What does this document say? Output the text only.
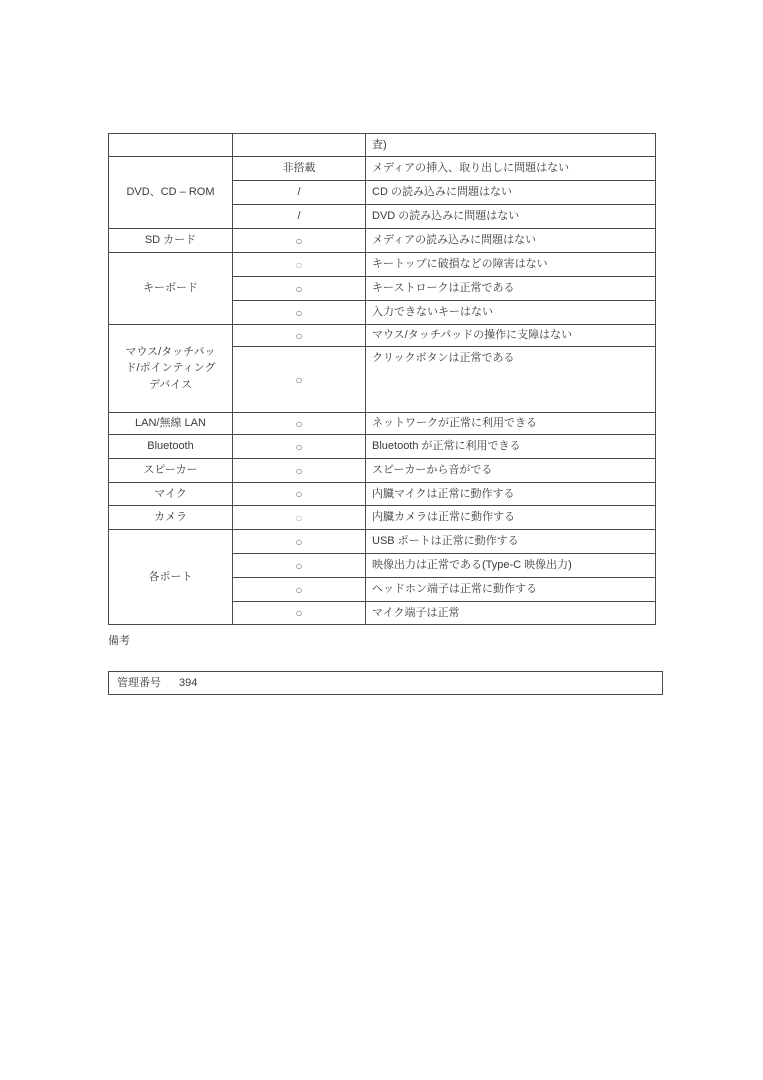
		査)
DVD、CD – ROM	非搭載	メディアの挿入、取り出しに問題はない
	/	CD の読み込みに問題はない
	/	DVD の読み込みに問題はない
SD カード	○	メディアの読み込みに問題はない
キーボード	○	キートップに破損などの障害はない
	○	キーストロークは正常である
	○	入力できないキーはない
マウス/タッチパッド/ポインティングデバイス	○	マウス/タッチパッドの操作に支障はない
	○	クリックボタンは正常である
LAN/無線 LAN	○	ネットワークが正常に利用できる
Bluetooth	○	Bluetooth が正常に利用できる
スピーカー	○	スピーカーから音がでる
マイク	○	内臓マイクは正常に動作する
カメラ	○	内臓カメラは正常に動作する
各ポート	○	USB ポートは正常に動作する
	○	映像出力は正常である(Type-C 映像出力)
	○	ヘッドホン端子は正常に動作する
	○	マイク端子は正常
備考
管理番号 394
